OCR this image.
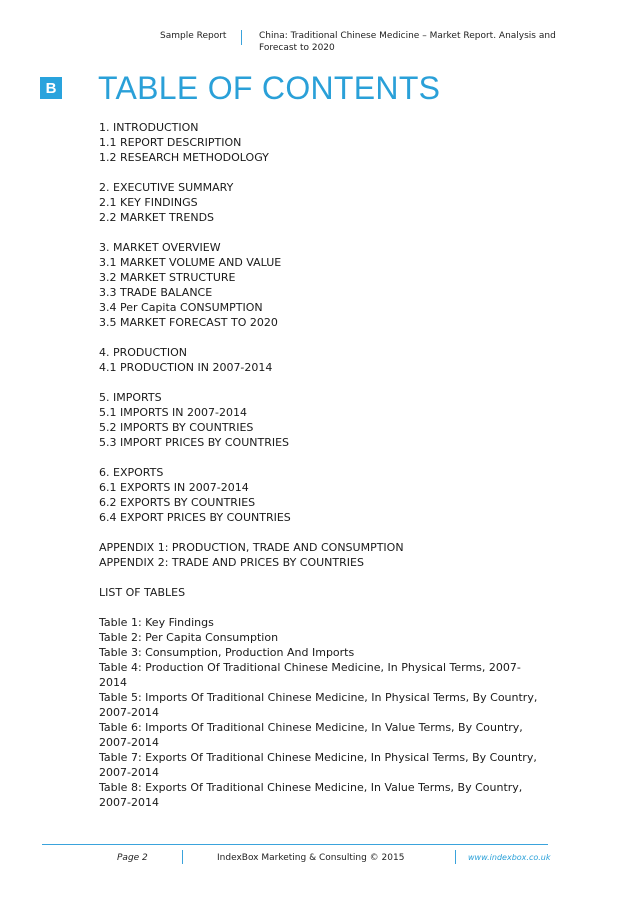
Sample Report	China: Traditional Chinese Medicine – Market Report. Analysis and Forecast to 2020
B TABLE OF CONTENTS
1. INTRODUCTION
1.1 REPORT DESCRIPTION
1.2 RESEARCH METHODOLOGY
2. EXECUTIVE SUMMARY
2.1 KEY FINDINGS
2.2 MARKET TRENDS
3. MARKET OVERVIEW
3.1 MARKET VOLUME AND VALUE
3.2 MARKET STRUCTURE
3.3 TRADE BALANCE
3.4 Per Capita CONSUMPTION
3.5 MARKET FORECAST TO 2020
4. PRODUCTION
4.1 PRODUCTION IN 2007-2014
5. IMPORTS
5.1 IMPORTS IN 2007-2014
5.2 IMPORTS BY COUNTRIES
5.3 IMPORT PRICES BY COUNTRIES
6. EXPORTS
6.1 EXPORTS IN 2007-2014
6.2 EXPORTS BY COUNTRIES
6.4 EXPORT PRICES BY COUNTRIES
APPENDIX 1: PRODUCTION, TRADE AND CONSUMPTION
APPENDIX 2: TRADE AND PRICES BY COUNTRIES
LIST OF TABLES
Table 1: Key Findings
Table 2: Per Capita Consumption
Table 3: Consumption, Production And Imports
Table 4: Production Of Traditional Chinese Medicine, In Physical Terms, 2007-2014
Table 5: Imports Of Traditional Chinese Medicine, In Physical Terms, By Country, 2007-2014
Table 6: Imports Of Traditional Chinese Medicine, In Value Terms, By Country, 2007-2014
Table 7: Exports Of Traditional Chinese Medicine, In Physical Terms, By Country, 2007-2014
Table 8: Exports Of Traditional Chinese Medicine, In Value Terms, By Country, 2007-2014
Page 2	IndexBox Marketing & Consulting © 2015	www.indexbox.co.uk
